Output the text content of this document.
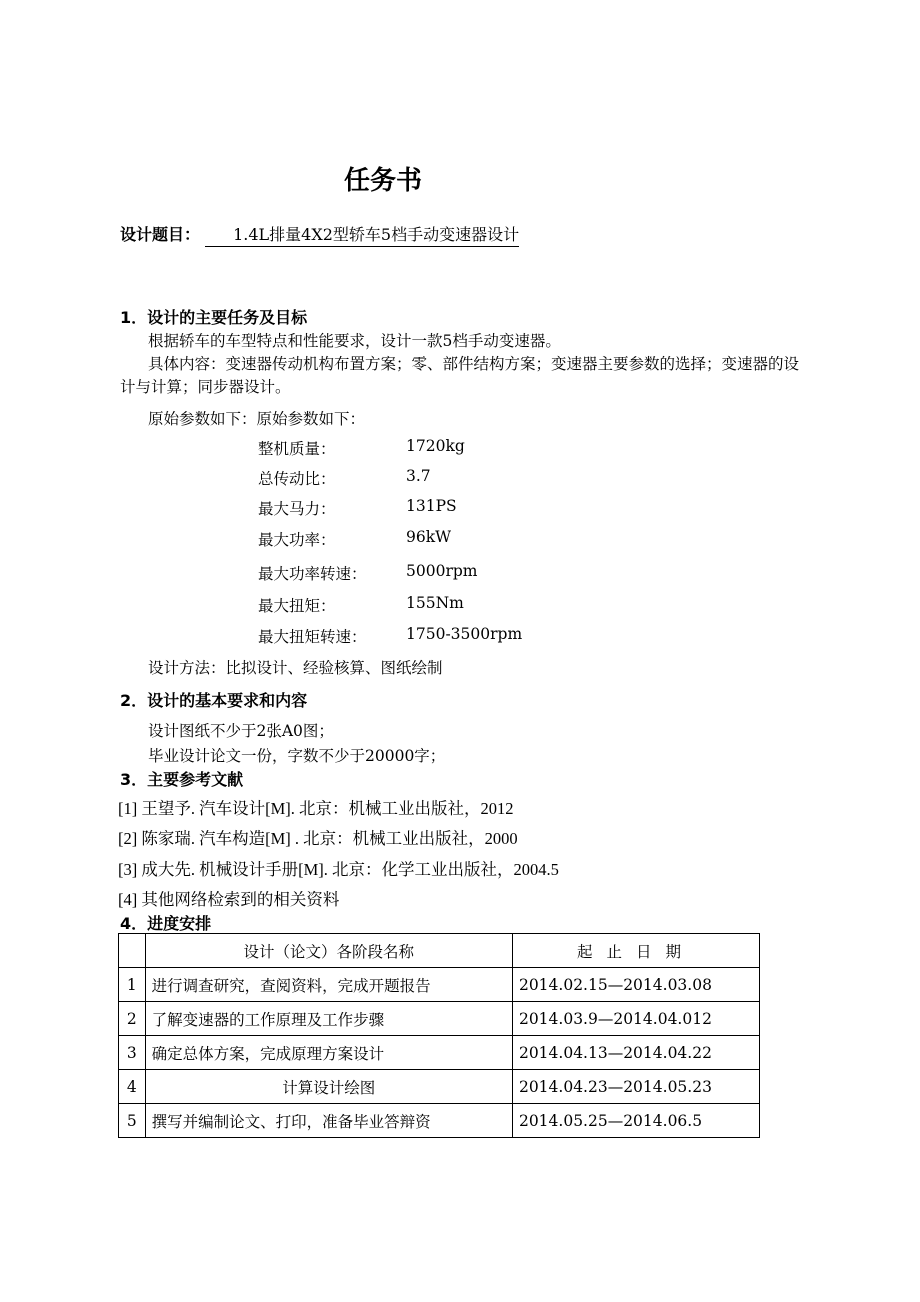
任务书
设计题目： 1.4L排量4X2型轿车5档手动变速器设计
1．设计的主要任务及目标
根据轿车的车型特点和性能要求，设计一款5档手动变速器。
具体内容：变速器传动机构布置方案；零、部件结构方案；变速器主要参数的选择；变速器的设计与计算；同步器设计。
原始参数如下：原始参数如下：
整机质量：	1720kg
总传动比：	3.7
最大马力：	131PS
最大功率：	96kW
最大功率转速：	5000rpm
最大扭矩：	155Nm
最大扭矩转速：	1750-3500rpm
设计方法：比拟设计、经验核算、图纸绘制
2．设计的基本要求和内容
设计图纸不少于2张A0图；
毕业设计论文一份，字数不少于20000字；
3．主要参考文献
[1] 王望予. 汽车设计[M]. 北京：机械工业出版社，2012
[2] 陈家瑞. 汽车构造[M] . 北京：机械工业出版社，2000
[3] 成大先. 机械设计手册[M]. 北京：化学工业出版社，2004.5
[4] 其他网络检索到的相关资料
4．进度安排
	设计（论文）各阶段名称	起止日期
1	进行调查研究，查阅资料，完成开题报告	2014.02.15—2014.03.08
2	了解变速器的工作原理及工作步骤	2014.03.9—2014.04.012
3	确定总体方案，完成原理方案设计	2014.04.13—2014.04.22
4	计算设计绘图	2014.04.23—2014.05.23
5	撰写并编制论文、打印，准备毕业答辩资	2014.05.25—2014.06.5
